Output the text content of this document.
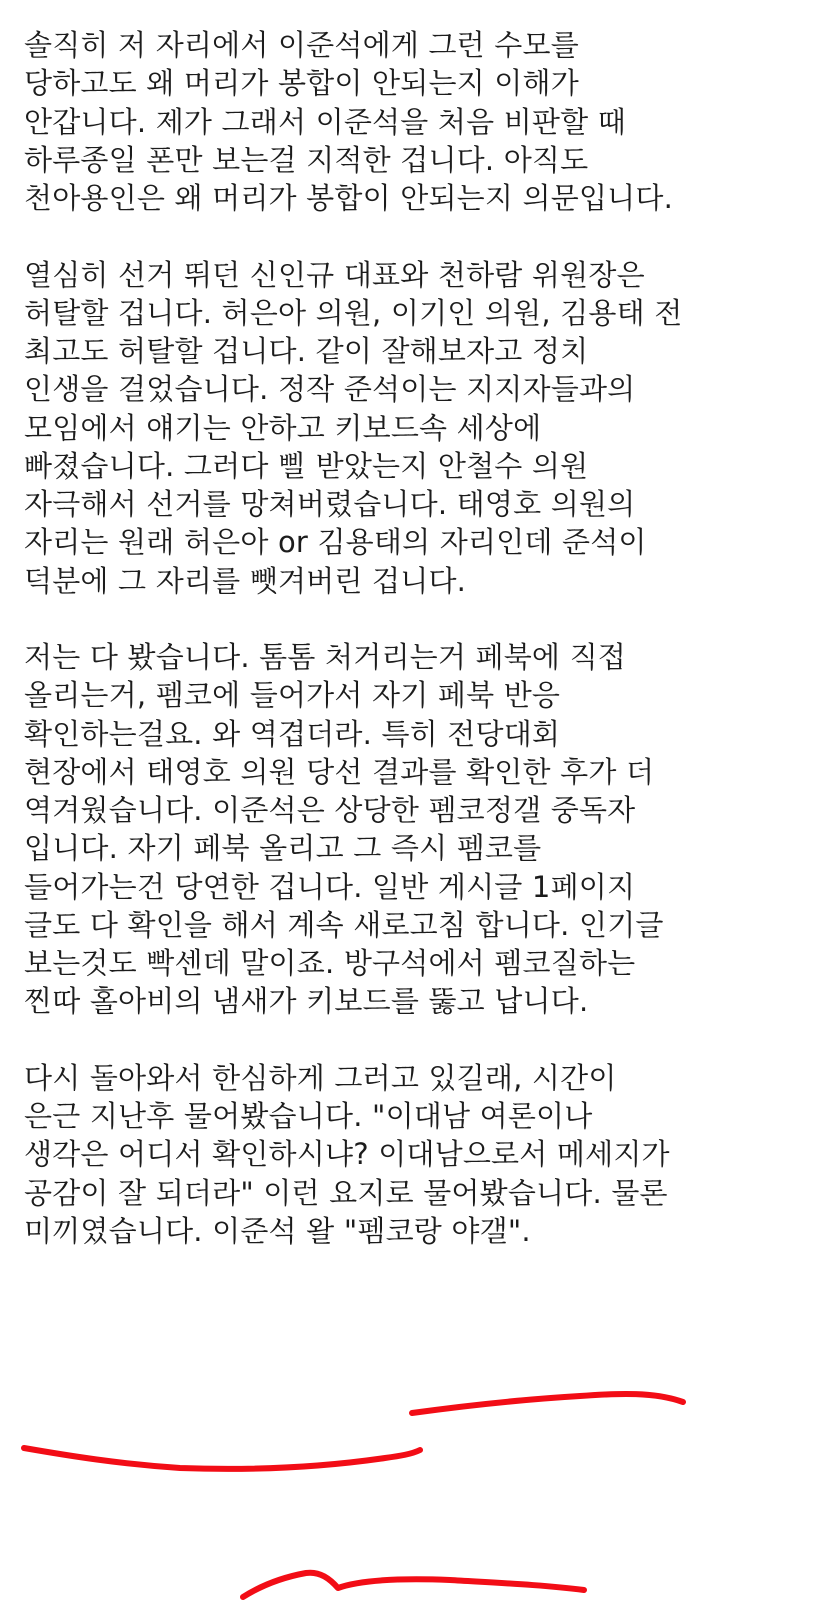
솔직히 저 자리에서 이준석에게 그런 수모를
당하고도 왜 머리가 봉합이 안되는지 이해가
안갑니다. 제가 그래서 이준석을 처음 비판할 때
하루종일 폰만 보는걸 지적한 겁니다. 아직도
천아용인은 왜 머리가 봉합이 안되는지 의문입니다.
열심히 선거 뛰던 신인규 대표와 천하람 위원장은
허탈할 겁니다. 허은아 의원, 이기인 의원, 김용태 전
최고도 허탈할 겁니다. 같이 잘해보자고 정치
인생을 걸었습니다. 정작 준석이는 지지자들과의
모임에서 얘기는 안하고 키보드속 세상에
빠졌습니다. 그러다 삘 받았는지 안철수 의원
자극해서 선거를 망쳐버렸습니다. 태영호 의원의
자리는 원래 허은아 or 김용태의 자리인데 준석이
덕분에 그 자리를 뺏겨버린 겁니다.
저는 다 봤습니다. 톰톰 처거리는거 페북에 직접
올리는거, 펨코에 들어가서 자기 페북 반응
확인하는걸요. 와 역겹더라. 특히 전당대회
현장에서 태영호 의원 당선 결과를 확인한 후가 더
역겨웠습니다. 이준석은 상당한 펨코정갤 중독자
입니다. 자기 페북 올리고 그 즉시 펨코를
들어가는건 당연한 겁니다. 일반 게시글 1페이지
글도 다 확인을 해서 계속 새로고침 합니다. 인기글
보는것도 빡센데 말이죠. 방구석에서 펨코질하는
찐따 홀아비의 냄새가 키보드를 뚫고 납니다.
다시 돌아와서 한심하게 그러고 있길래, 시간이
은근 지난후 물어봤습니다. "이대남 여론이나
생각은 어디서 확인하시냐? 이대남으로서 메세지가
공감이 잘 되더라" 이런 요지로 물어봤습니다. 물론
미끼였습니다. 이준석 왈 "펨코랑 야갤".
